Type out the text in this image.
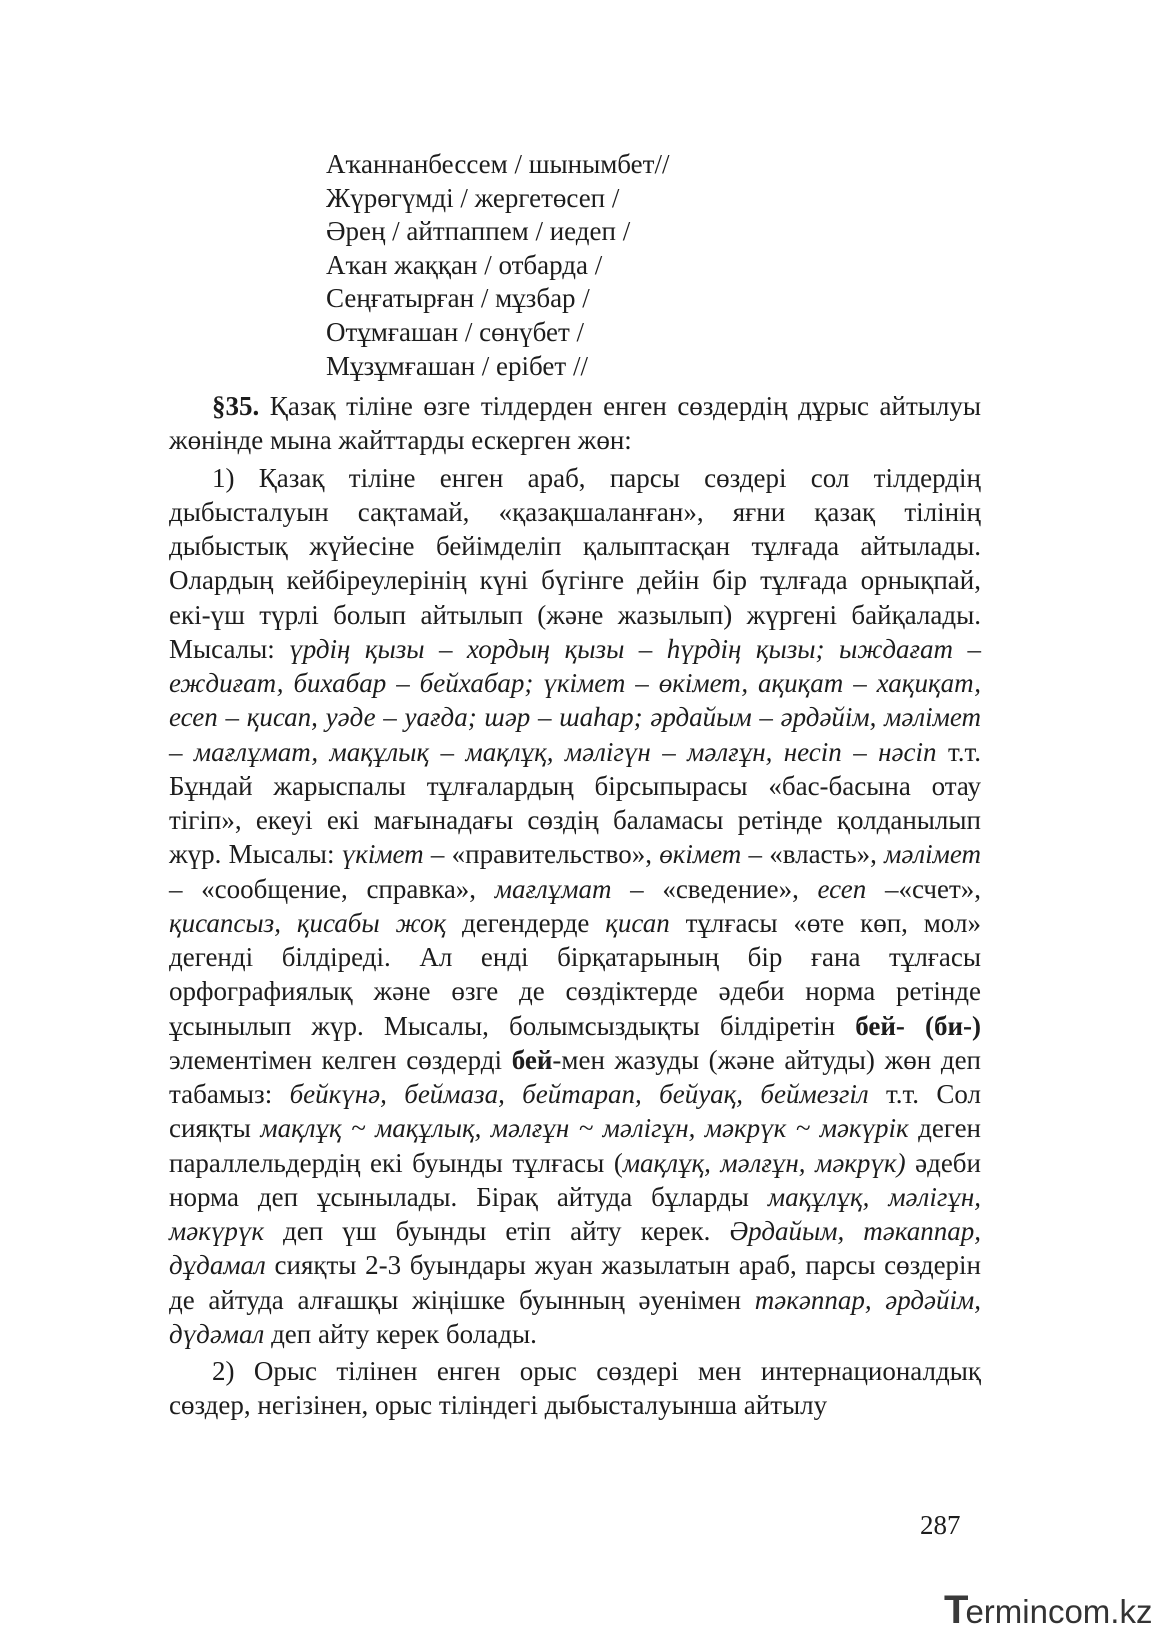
Аҡаннанбессем / шынымбет//
Жүрөгүмді / жергетөсеп /
Әрең / айтпаппем / иедеп /
Аҡан жаққан / отбарда /
Сеңғатырған / мұзбар /
Отұмғашан / сөнүбет /
Мұзұмғашан / ерібет //

§35. Қазақ тіліне өзге тілдерден енген сөздердің дұрыс айтылуы жөнінде мына жайттарды ескерген жөн:

1) Қазақ тіліне енген араб, парсы сөздері сол тілдердің дыбысталуын сақтамай, «қазақшаланған», яғни қазақ тілінің дыбыстық жүйесіне бейімделіп қалыптасқан тұлғада айтылады. Олардың кейбіреулерінің күні бүгінге дейін бір тұлғада орнықпай, екі-үш түрлі болып айтылып (және жазылып) жүргені байқалады. Мысалы: үрдің қызы – хордың қызы – һүрдің қызы; ыждағат – еждиғат, бихабар – бейхабар; үкімет – өкімет, ақиқат – хақиқат, есеп – қисап, уәде – уағда; шәр – шаһар; әрдайым – әрдәйім, мәлімет – мағлұмат, мақұлық – мақлұқ, мәлігүн – мәлғұн, несіп – нәсіп т.т. Бұндай жарыспалы тұлғалардың бірсыпырасы «бас-басына отау тігіп», екеуі екі мағынадағы сөздің баламасы ретінде қолданылып жүр. Мысалы: үкімет – «правительство», өкімет – «власть», мәлімет – «сообщение, справка», мағлұмат – «сведение», есеп –«счет», қисапсыз, қисабы жоқ дегендерде қисап тұлғасы «өте көп, мол» дегенді білдіреді. Ал енді бірқатарының бір ғана тұлғасы орфографиялық және өзге де сөздіктерде әдеби норма ретінде ұсынылып жүр. Мысалы, болымсыздықты білдіретін бей- (би-) элементімен келген сөздерді бей-мен жазуды (және айтуды) жөн деп табамыз: бейкүнә, беймаза, бейтарап, бейуақ, беймезгіл т.т. Сол сияқты мақлұқ ~ мақұлық, мәлғұн ~ мәлігұн, мәкрүк ~ мәкүрік деген параллельдердің екі буынды тұлғасы (мақлұқ, мәлғұн, мәкрүк) әдеби норма деп ұсынылады. Бірақ айтуда бұларды мақұлұқ, мәлігұн, мәкүрүк деп үш буынды етіп айту керек. Әрдайым, тәкаппар, дұдамал сияқты 2-3 буындары жуан жазылатын араб, парсы сөздерін де айтуда алғашқы жіңішке буынның әуенімен тәкәппар, әрдәйім, дүдәмал деп айту керек болады.

2) Орыс тілінен енген орыс сөздері мен интернационалдық сөздер, негізінен, орыс тіліндегі дыбысталуынша айтылу

287
Termincom.kz
